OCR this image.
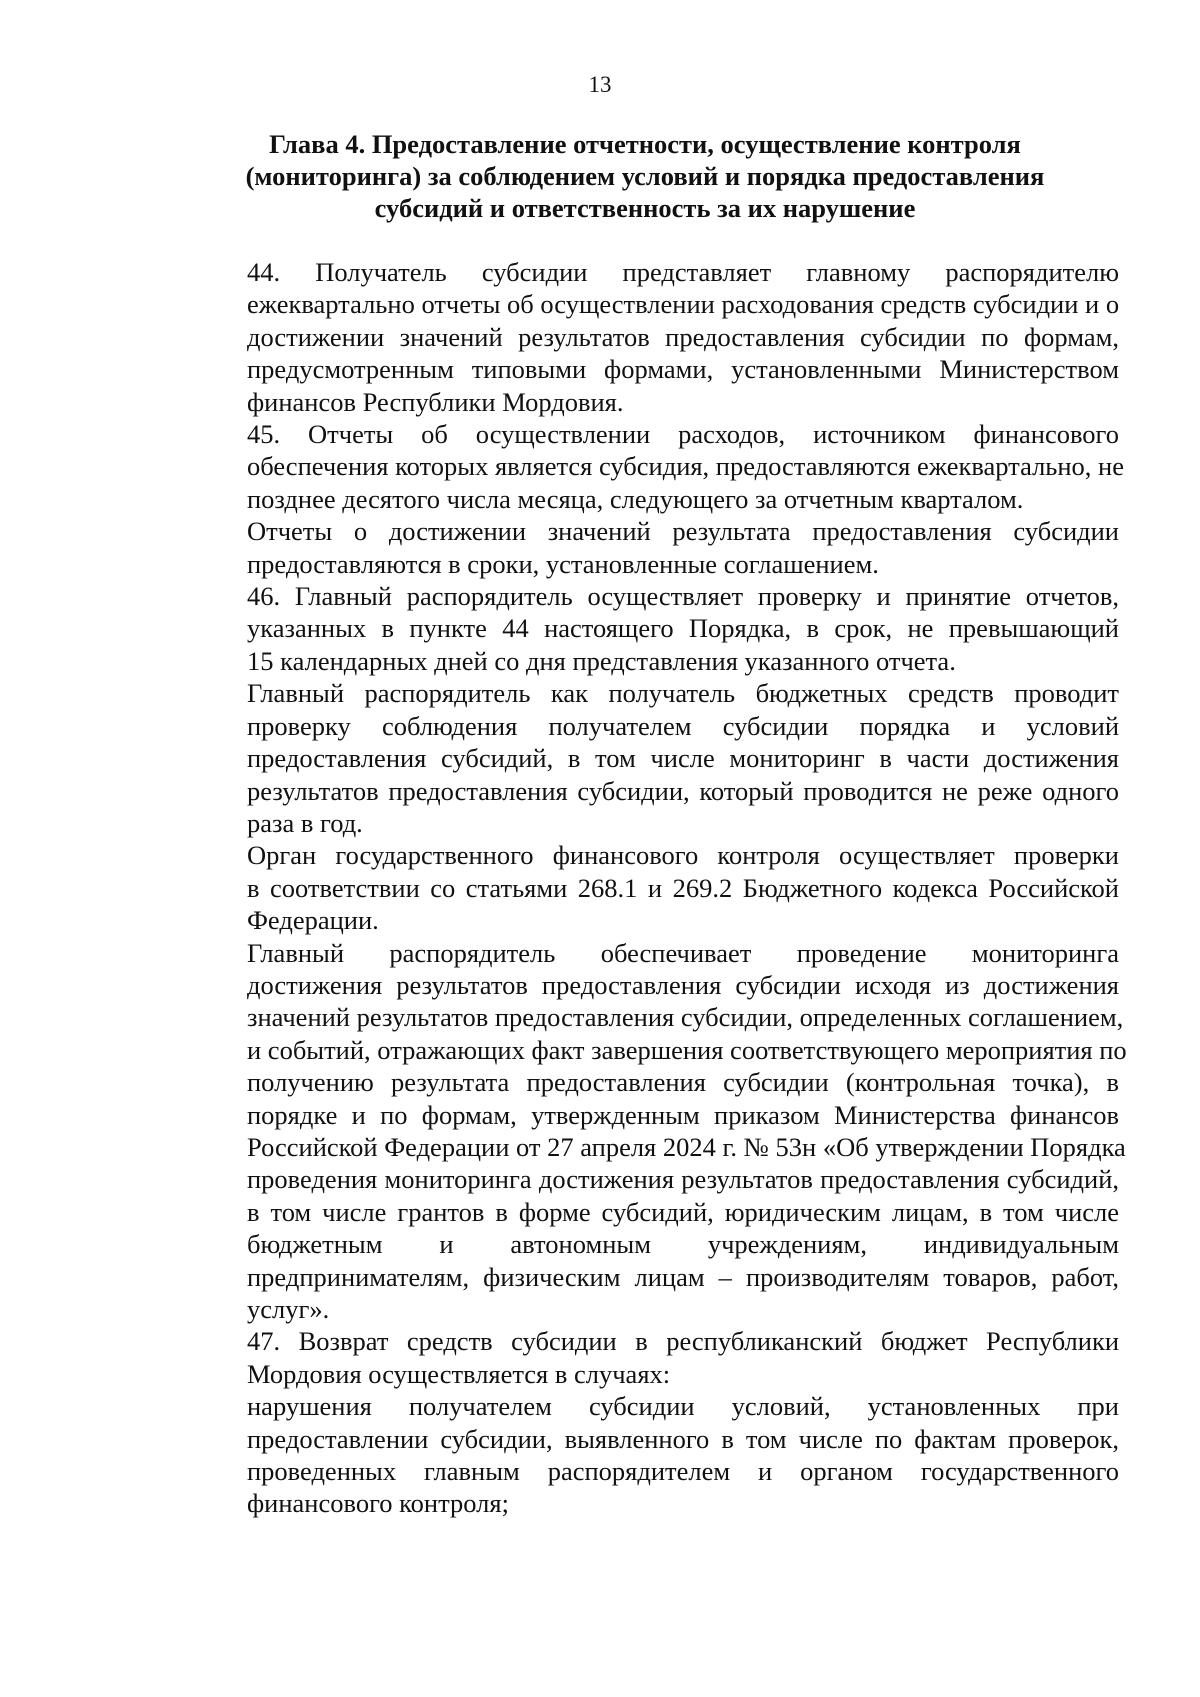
13
Глава 4. Предоставление отчетности, осуществление контроля
(мониторинга) за соблюдением условий и порядка предоставления
субсидий и ответственность за их нарушение

44. Получатель субсидии представляет главному распорядителю
ежеквартально отчеты об осуществлении расходования средств субсидии и о
достижении значений результатов предоставления субсидии по формам,
предусмотренным типовыми формами, установленными Министерством
финансов Республики Мордовия.

45. Отчеты об осуществлении расходов, источником финансового
обеспечения которых является субсидия, предоставляются ежеквартально, не
позднее десятого числа месяца, следующего за отчетным кварталом.

Отчеты о достижении значений результата предоставления субсидии
предоставляются в сроки, установленные соглашением.

46. Главный распорядитель осуществляет проверку и принятие отчетов,
указанных в пункте 44 настоящего Порядка, в срок, не превышающий
15 календарных дней со дня представления указанного отчета.

Главный распорядитель как получатель бюджетных средств проводит
проверку соблюдения получателем субсидии порядка и условий
предоставления субсидий, в том числе мониторинг в части достижения
результатов предоставления субсидии, который проводится не реже одного
раза в год.

Орган государственного финансового контроля осуществляет проверки
в соответствии со статьями 268.1 и 269.2 Бюджетного кодекса Российской
Федерации.

Главный распорядитель обеспечивает проведение мониторинга
достижения результатов предоставления субсидии исходя из достижения
значений результатов предоставления субсидии, определенных соглашением,
и событий, отражающих факт завершения соответствующего мероприятия по
получению результата предоставления субсидии (контрольная точка), в
порядке и по формам, утвержденным приказом Министерства финансов
Российской Федерации от 27 апреля 2024 г. № 53н «Об утверждении Порядка
проведения мониторинга достижения результатов предоставления субсидий,
в том числе грантов в форме субсидий, юридическим лицам, в том числе
бюджетным и автономным учреждениям, индивидуальным
предпринимателям, физическим лицам – производителям товаров, работ,
услуг».

47. Возврат средств субсидии в республиканский бюджет Республики
Мордовия осуществляется в случаях:

нарушения получателем субсидии условий, установленных при
предоставлении субсидии, выявленного в том числе по фактам проверок,
проведенных главным распорядителем и органом государственного
финансового контроля;
